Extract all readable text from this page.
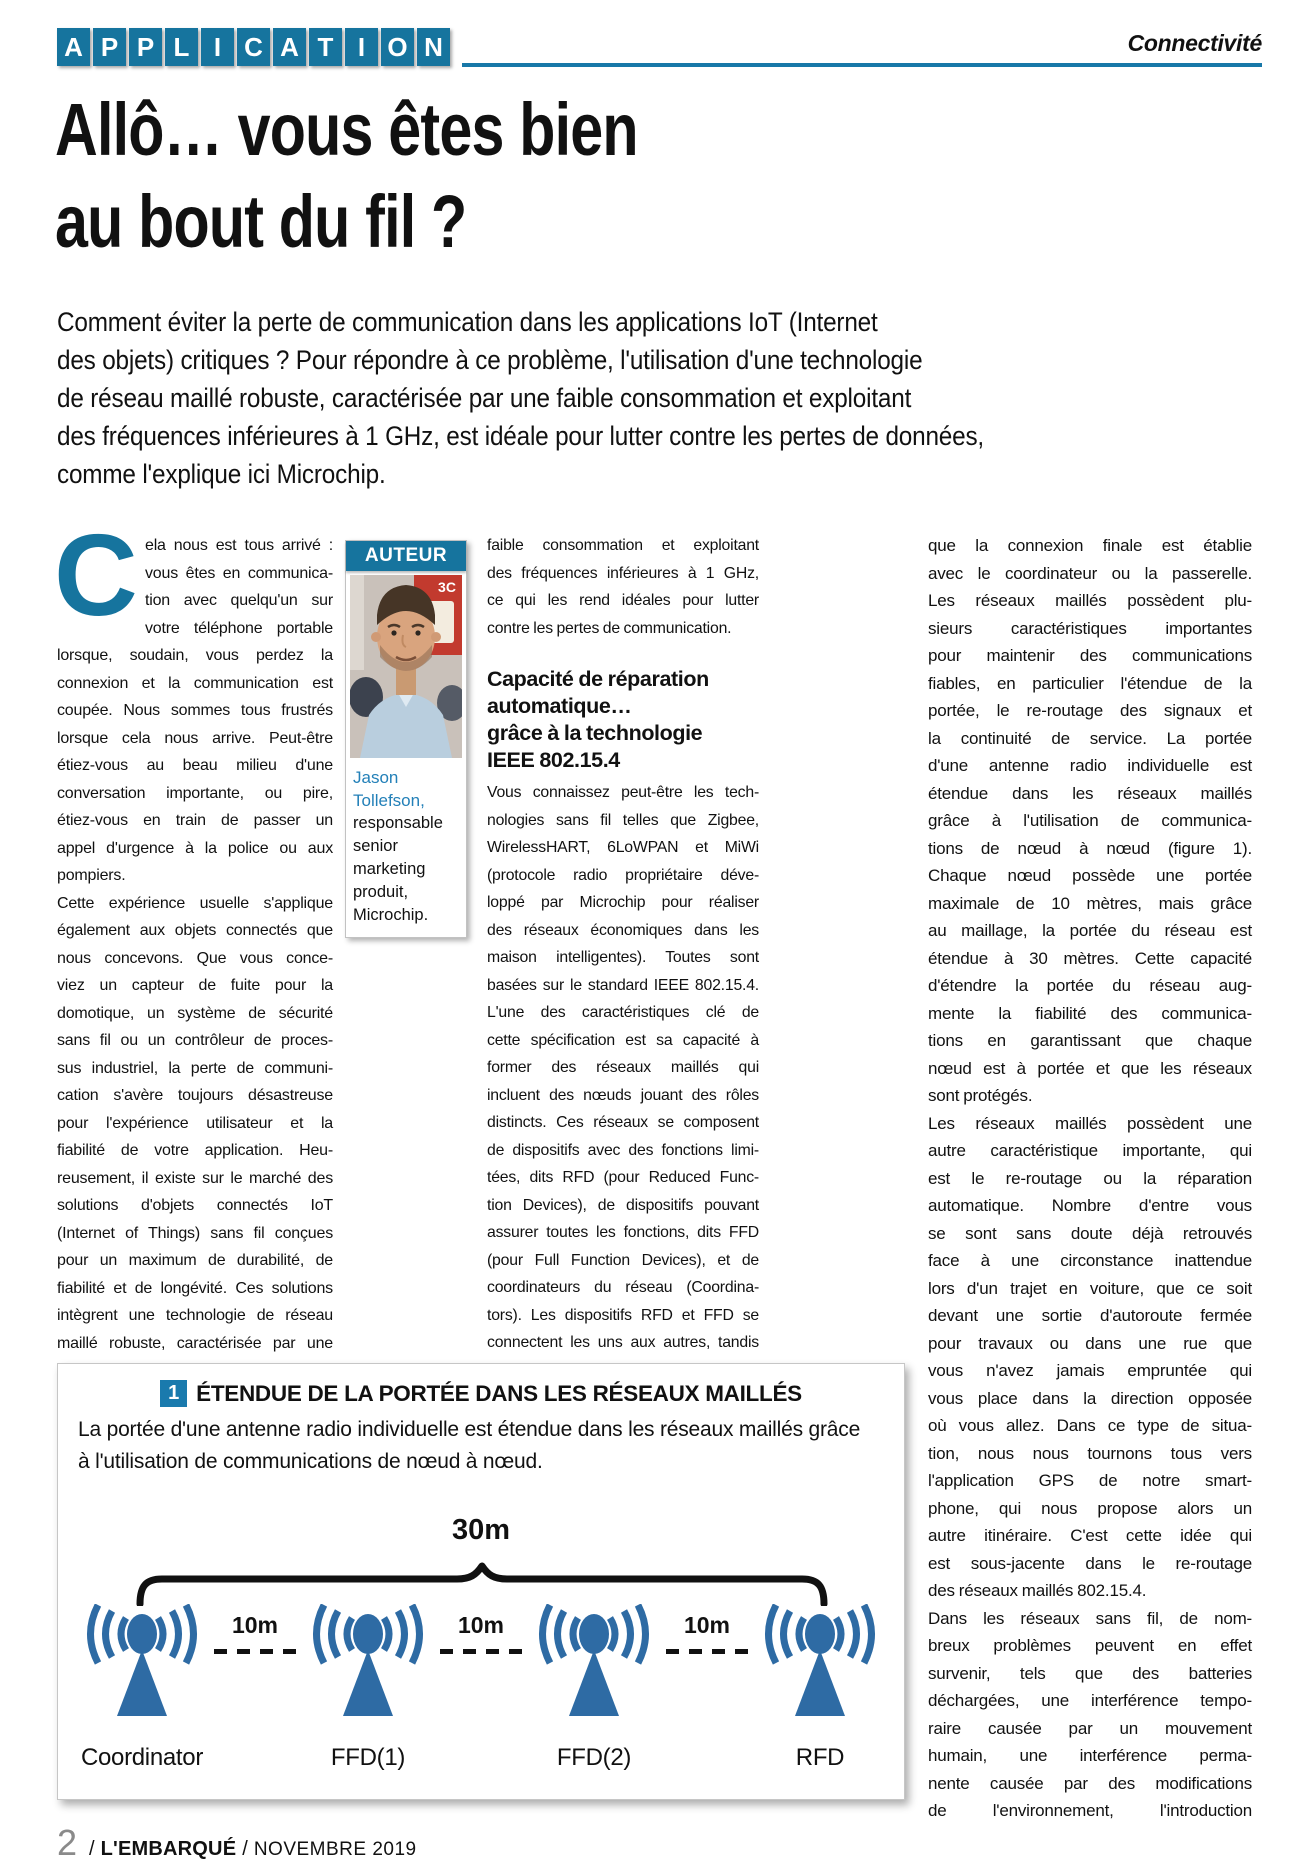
A P P L I C A T I O N	Connectivité
Allô… vous êtes bien
au bout du fil ?
Comment éviter la perte de communication dans les applications IoT (Internet
des objets) critiques ? Pour répondre à ce problème, l'utilisation d'une technologie
de réseau maillé robuste, caractérisée par une faible consommation et exploitant
des fréquences inférieures à 1 GHz, est idéale pour lutter contre les pertes de données,
comme l'explique ici Microchip.
C ela nous est tous arrivé :
vous êtes en communica-
tion avec quelqu'un sur
votre téléphone portable
lorsque, soudain, vous perdez la
connexion et la communication est
coupée. Nous sommes tous frustrés
lorsque cela nous arrive. Peut-être
étiez-vous au beau milieu d'une
conversation importante, ou pire,
étiez-vous en train de passer un
appel d'urgence à la police ou aux
pompiers.
Cette expérience usuelle s'applique
également aux objets connectés que
nous concevons. Que vous conce-
viez un capteur de fuite pour la
domotique, un système de sécurité
sans fil ou un contrôleur de proces-
sus industriel, la perte de communi-
cation s'avère toujours désastreuse
pour l'expérience utilisateur et la
fiabilité de votre application. Heu-
reusement, il existe sur le marché des
solutions d'objets connectés IoT
(Internet of Things) sans fil conçues
pour un maximum de durabilité, de
fiabilité et de longévité. Ces solutions
intègrent une technologie de réseau
maillé robuste, caractérisée par une
AUTEUR
3C
Jason Tollefson,
responsable
senior
marketing
produit,
Microchip.
faible consommation et exploitant
des fréquences inférieures à 1 GHz,
ce qui les rend idéales pour lutter
contre les pertes de communication.
Capacité de réparation
automatique…
grâce à la technologie
IEEE 802.15.4
Vous connaissez peut-être les tech-
nologies sans fil telles que Zigbee,
WirelessHART, 6LoWPAN et MiWi
(protocole radio propriétaire déve-
loppé par Microchip pour réaliser
des réseaux économiques dans les
maison intelligentes). Toutes sont
basées sur le standard IEEE 802.15.4.
L'une des caractéristiques clé de
cette spécification est sa capacité à
former des réseaux maillés qui
incluent des nœuds jouant des rôles
distincts. Ces réseaux se composent
de dispositifs avec des fonctions limi-
tées, dits RFD (pour Reduced Func-
tion Devices), de dispositifs pouvant
assurer toutes les fonctions, dits FFD
(pour Full Function Devices), et de
coordinateurs du réseau (Coordina-
tors). Les dispositifs RFD et FFD se
connectent les uns aux autres, tandis
que la connexion finale est établie
avec le coordinateur ou la passerelle.
Les réseaux maillés possèdent plu-
sieurs caractéristiques importantes
pour maintenir des communications
fiables, en particulier l'étendue de la
portée, le re-routage des signaux et
la continuité de service. La portée
d'une antenne radio individuelle est
étendue dans les réseaux maillés
grâce à l'utilisation de communica-
tions de nœud à nœud (figure 1).
Chaque nœud possède une portée
maximale de 10 mètres, mais grâce
au maillage, la portée du réseau est
étendue à 30 mètres. Cette capacité
d'étendre la portée du réseau aug-
mente la fiabilité des communica-
tions en garantissant que chaque
nœud est à portée et que les réseaux
sont protégés.
Les réseaux maillés possèdent une
autre caractéristique importante, qui
est le re-routage ou la réparation
automatique. Nombre d'entre vous
se sont sans doute déjà retrouvés
face à une circonstance inattendue
lors d'un trajet en voiture, que ce soit
devant une sortie d'autoroute fermée
pour travaux ou dans une rue que
vous n'avez jamais empruntée qui
vous place dans la direction opposée
où vous allez. Dans ce type de situa-
tion, nous nous tournons tous vers
l'application GPS de notre smart-
phone, qui nous propose alors un
autre itinéraire. C'est cette idée qui
est sous-jacente dans le re-routage
des réseaux maillés 802.15.4.
Dans les réseaux sans fil, de nom-
breux problèmes peuvent en effet
survenir, tels que des batteries
déchargées, une interférence tempo-
raire causée par un mouvement
humain, une interférence perma-
nente causée par des modifications
de l'environnement, l'introduction
1 ÉTENDUE DE LA PORTÉE DANS LES RÉSEAUX MAILLÉS
La portée d'une antenne radio individuelle est étendue dans les réseaux maillés grâce
à l'utilisation de communications de nœud à nœud.
30m
Coordinator
10m
FFD(1)
10m
FFD(2)
10m
RFD
2 / L'EMBARQUÉ / NOVEMBRE 2019
